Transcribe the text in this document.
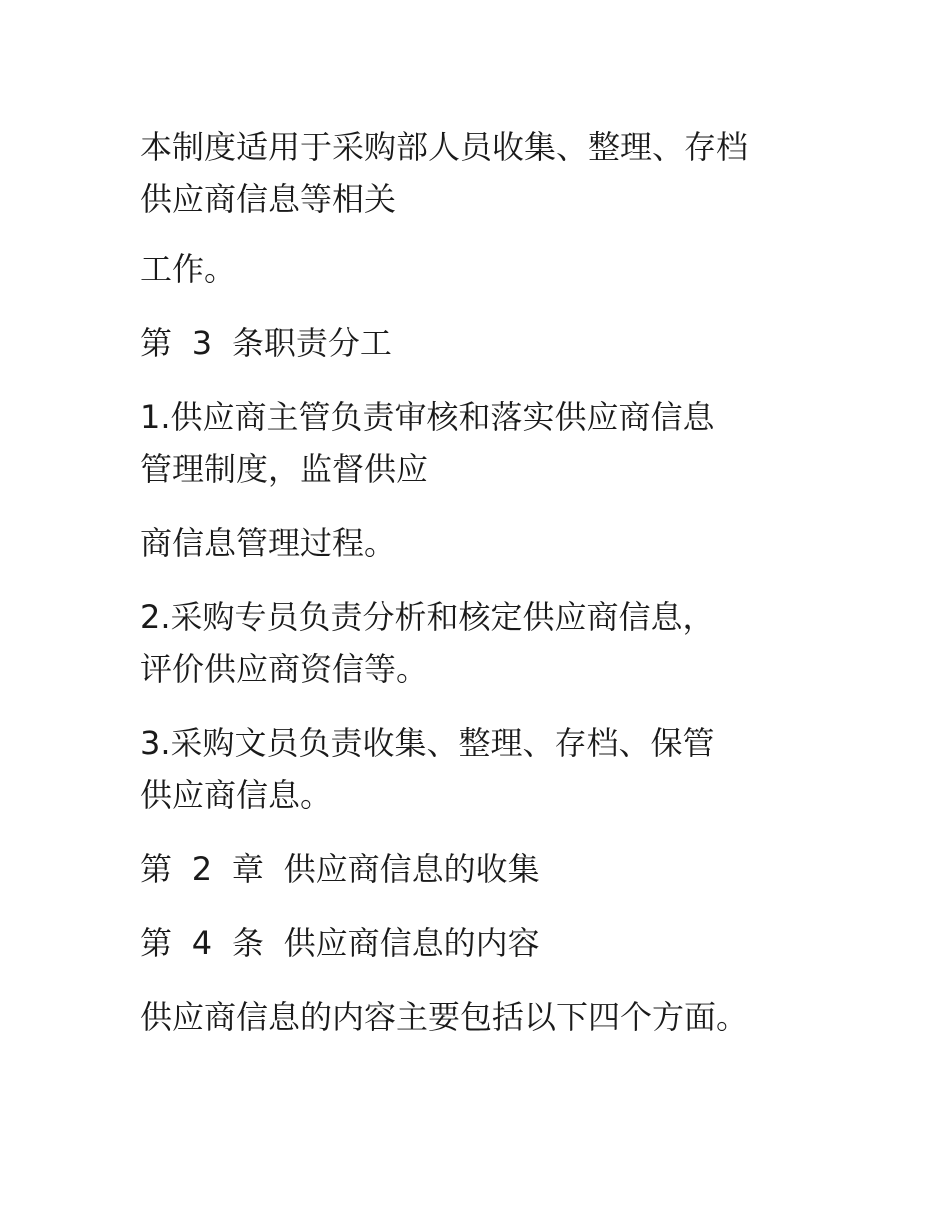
本制度适用于采购部人员收集、整理、存档
供应商信息等相关

工作。

第 3 条职责分工

1.供应商主管负责审核和落实供应商信息
管理制度，监督供应

商信息管理过程。

2.采购专员负责分析和核定供应商信息，
评价供应商资信等。

3.采购文员负责收集、整理、存档、保管
供应商信息。

第 2 章 供应商信息的收集

第 4 条 供应商信息的内容

供应商信息的内容主要包括以下四个方面。
